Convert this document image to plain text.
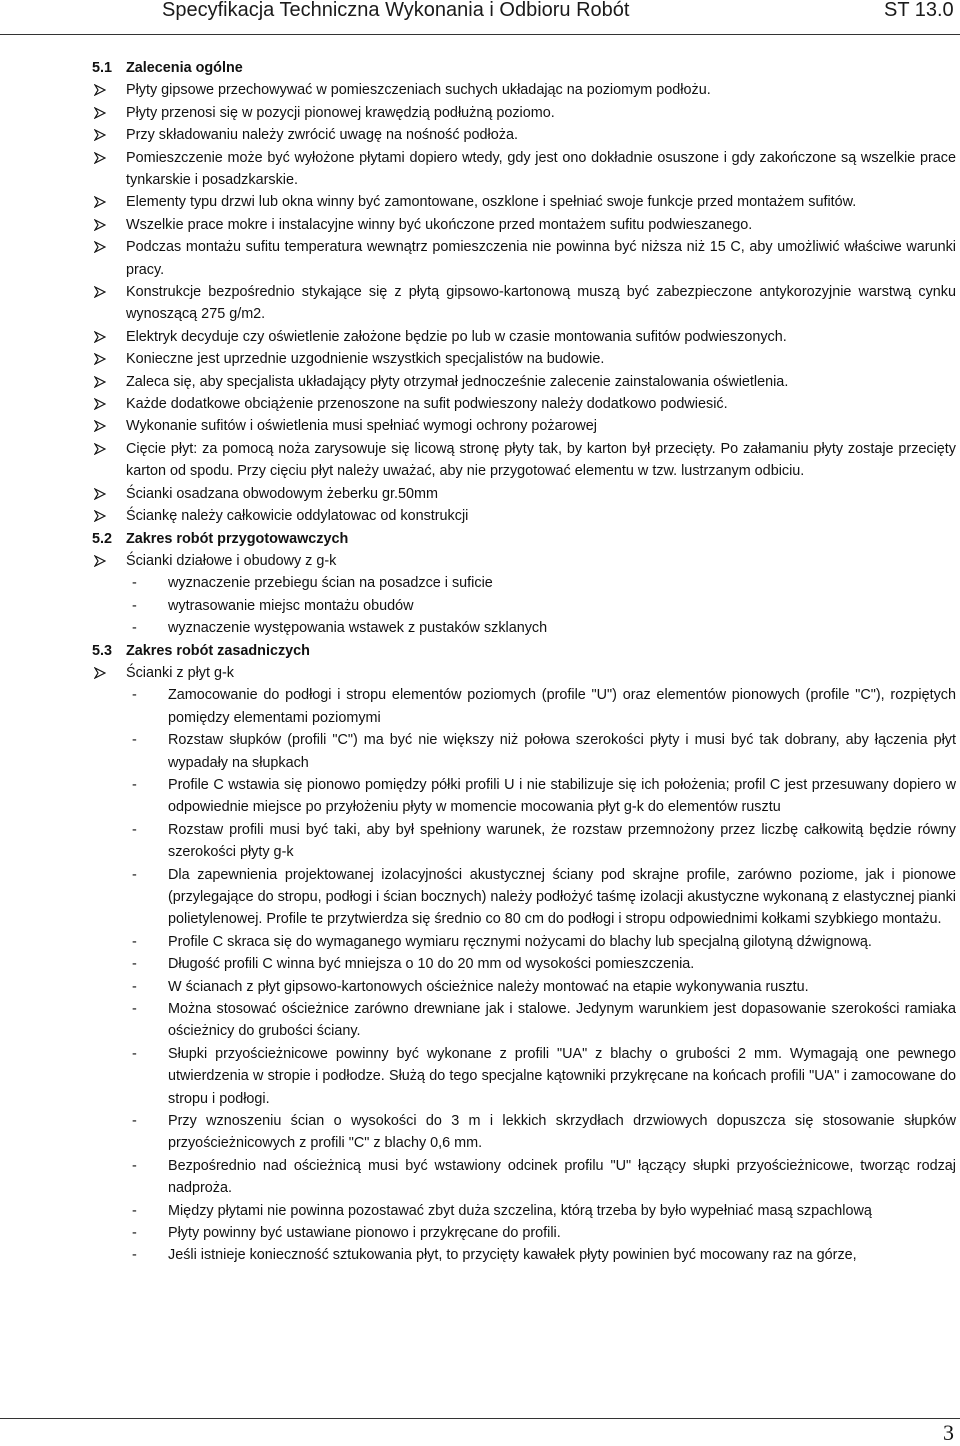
Specyfikacja Techniczna Wykonania i Odbioru Robót	ST 13.0
5.1 Zalecenia ogólne
Płyty gipsowe przechowywać w pomieszczeniach suchych układając na poziomym podłożu.
Płyty przenosi się w pozycji pionowej krawędzią podłużną poziomo.
Przy składowaniu należy zwrócić uwagę na nośność podłoża.
Pomieszczenie może być wyłożone płytami dopiero wtedy, gdy jest ono dokładnie osuszone i gdy zakończone są wszelkie prace tynkarskie i posadzkarskie.
Elementy typu drzwi lub okna winny być zamontowane, oszklone i spełniać swoje funkcje przed montażem sufitów.
Wszelkie prace mokre i instalacyjne winny być ukończone przed montażem sufitu podwieszanego.
Podczas montażu sufitu temperatura wewnątrz pomieszczenia nie powinna być niższa niż 15 C, aby umożliwić właściwe warunki pracy.
Konstrukcje bezpośrednio stykające się z płytą gipsowo-kartonową muszą być zabezpieczone antykorozyjnie warstwą cynku wynoszącą 275 g/m2.
Elektryk decyduje czy oświetlenie założone będzie po lub w czasie montowania sufitów podwieszonych.
Konieczne jest uprzednie uzgodnienie wszystkich specjalistów na budowie.
Zaleca się, aby specjalista układający płyty otrzymał jednocześnie zalecenie zainstalowania oświetlenia.
Każde dodatkowe obciążenie przenoszone na sufit podwieszony należy dodatkowo podwiesić.
Wykonanie sufitów i oświetlenia musi spełniać wymogi ochrony pożarowej
Cięcie płyt: za pomocą noża zarysowuje się licową stronę płyty tak, by karton był przecięty. Po załamaniu płyty zostaje przecięty karton od spodu. Przy cięciu płyt należy uważać, aby nie przygotować elementu w tzw. lustrzanym odbiciu.
Ścianki osadzana obwodowym żeberku gr.50mm
Ściankę należy całkowicie oddylatowac od konstrukcji
5.2 Zakres robót przygotowawczych
Ścianki działowe i obudowy z g-k
- wyznaczenie przebiegu ścian na posadzce i suficie
- wytrasowanie miejsc montażu obudów
- wyznaczenie występowania wstawek z pustaków szklanych
5.3 Zakres robót zasadniczych
Ścianki z płyt g-k
- Zamocowanie do podłogi i stropu elementów poziomych (profile "U") oraz elementów pionowych (profile "C"), rozpiętych pomiędzy elementami poziomymi
- Rozstaw słupków (profili "C") ma być nie większy niż połowa szerokości płyty i musi być tak dobrany, aby łączenia płyt wypadały na słupkach
- Profile C wstawia się pionowo pomiędzy półki profili U i nie stabilizuje się ich położenia; profil C jest przesuwany dopiero w odpowiednie miejsce po przyłożeniu płyty w momencie mocowania płyt g-k do elementów rusztu
- Rozstaw profili musi być taki, aby był spełniony warunek, że rozstaw przemnożony przez liczbę całkowitą będzie równy szerokości płyty g-k
- Dla zapewnienia projektowanej izolacyjności akustycznej ściany pod skrajne profile, zarówno poziome, jak i pionowe (przylegające do stropu, podłogi i ścian bocznych) należy podłożyć taśmę izolacji akustyczne wykonaną z elastycznej pianki polietylenowej. Profile te przytwierdza się średnio co 80 cm do podłogi i stropu odpowiednimi kołkami szybkiego montażu.
- Profile C skraca się do wymaganego wymiaru ręcznymi nożycami do blachy lub specjalną gilotyną dźwignową.
- Długość profili C winna być mniejsza o 10 do 20 mm od wysokości pomieszczenia.
- W ścianach z płyt gipsowo-kartonowych ościeżnice należy montować na etapie wykonywania rusztu.
- Można stosować ościeżnice zarówno drewniane jak i stalowe. Jedynym warunkiem jest dopasowanie szerokości ramiaka ościeżnicy do grubości ściany.
- Słupki przyościeżnicowe powinny być wykonane z profili "UA" z blachy o grubości 2 mm. Wymagają one pewnego utwierdzenia w stropie i podłodze. Służą do tego specjalne kątowniki przykręcane na końcach profili "UA" i zamocowane do stropu i podłogi.
- Przy wznoszeniu ścian o wysokości do 3 m i lekkich skrzydłach drzwiowych dopuszcza się stosowanie słupków przyościeżnicowych z profili "C" z blachy 0,6 mm.
- Bezpośrednio nad ościeżnicą musi być wstawiony odcinek profilu "U" łączący słupki przyościeżnicowe, tworząc rodzaj nadproża.
- Między płytami nie powinna pozostawać zbyt duża szczelina, którą trzeba by było wypełniać masą szpachlową
- Płyty powinny być ustawiane pionowo i przykręcane do profili.
- Jeśli istnieje konieczność sztukowania płyt, to przycięty kawałek płyty powinien być mocowany raz na górze,
3
